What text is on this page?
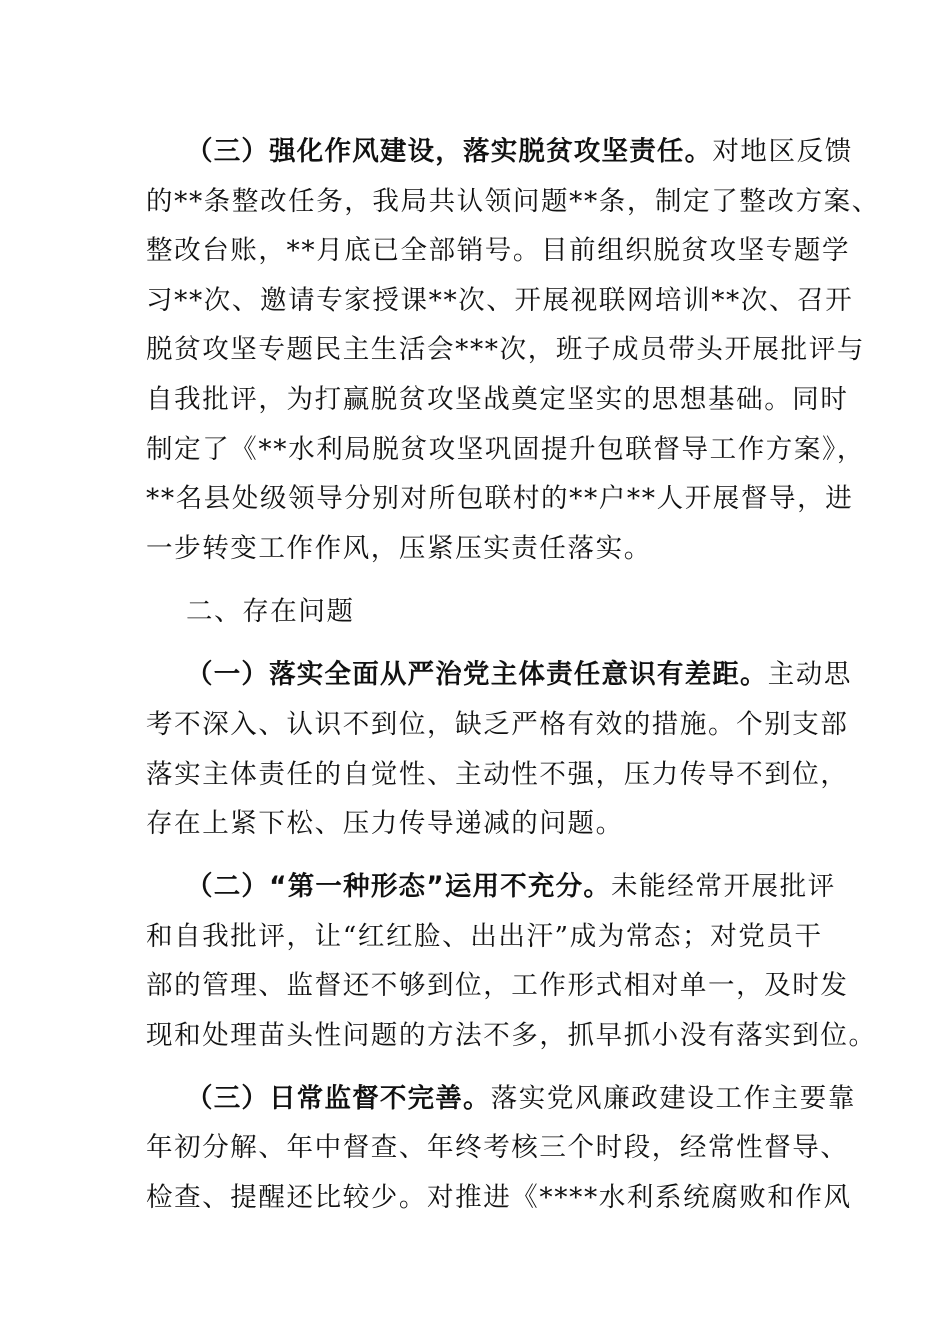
（三）强化作风建设，落实脱贫攻坚责任。对地区反馈
的**条整改任务，我局共认领问题**条，制定了整改方案、
整改台账，**月底已全部销号。目前组织脱贫攻坚专题学
习**次、邀请专家授课**次、开展视联网培训**次、召开
脱贫攻坚专题民主生活会***次，班子成员带头开展批评与
自我批评，为打赢脱贫攻坚战奠定坚实的思想基础。同时
制定了《**水利局脱贫攻坚巩固提升包联督导工作方案》，
**名县处级领导分别对所包联村的**户**人开展督导，进
一步转变工作作风，压紧压实责任落实。
二、存在问题
（一）落实全面从严治党主体责任意识有差距。主动思
考不深入、认识不到位，缺乏严格有效的措施。个别支部
落实主体责任的自觉性、主动性不强，压力传导不到位，
存在上紧下松、压力传导递减的问题。
（二）“第一种形态”运用不充分。未能经常开展批评
和自我批评，让“红红脸、出出汗”成为常态；对党员干
部的管理、监督还不够到位，工作形式相对单一，及时发
现和处理苗头性问题的方法不多，抓早抓小没有落实到位。
（三）日常监督不完善。落实党风廉政建设工作主要靠
年初分解、年中督查、年终考核三个时段，经常性督导、
检查、提醒还比较少。对推进《****水利系统腐败和作风
